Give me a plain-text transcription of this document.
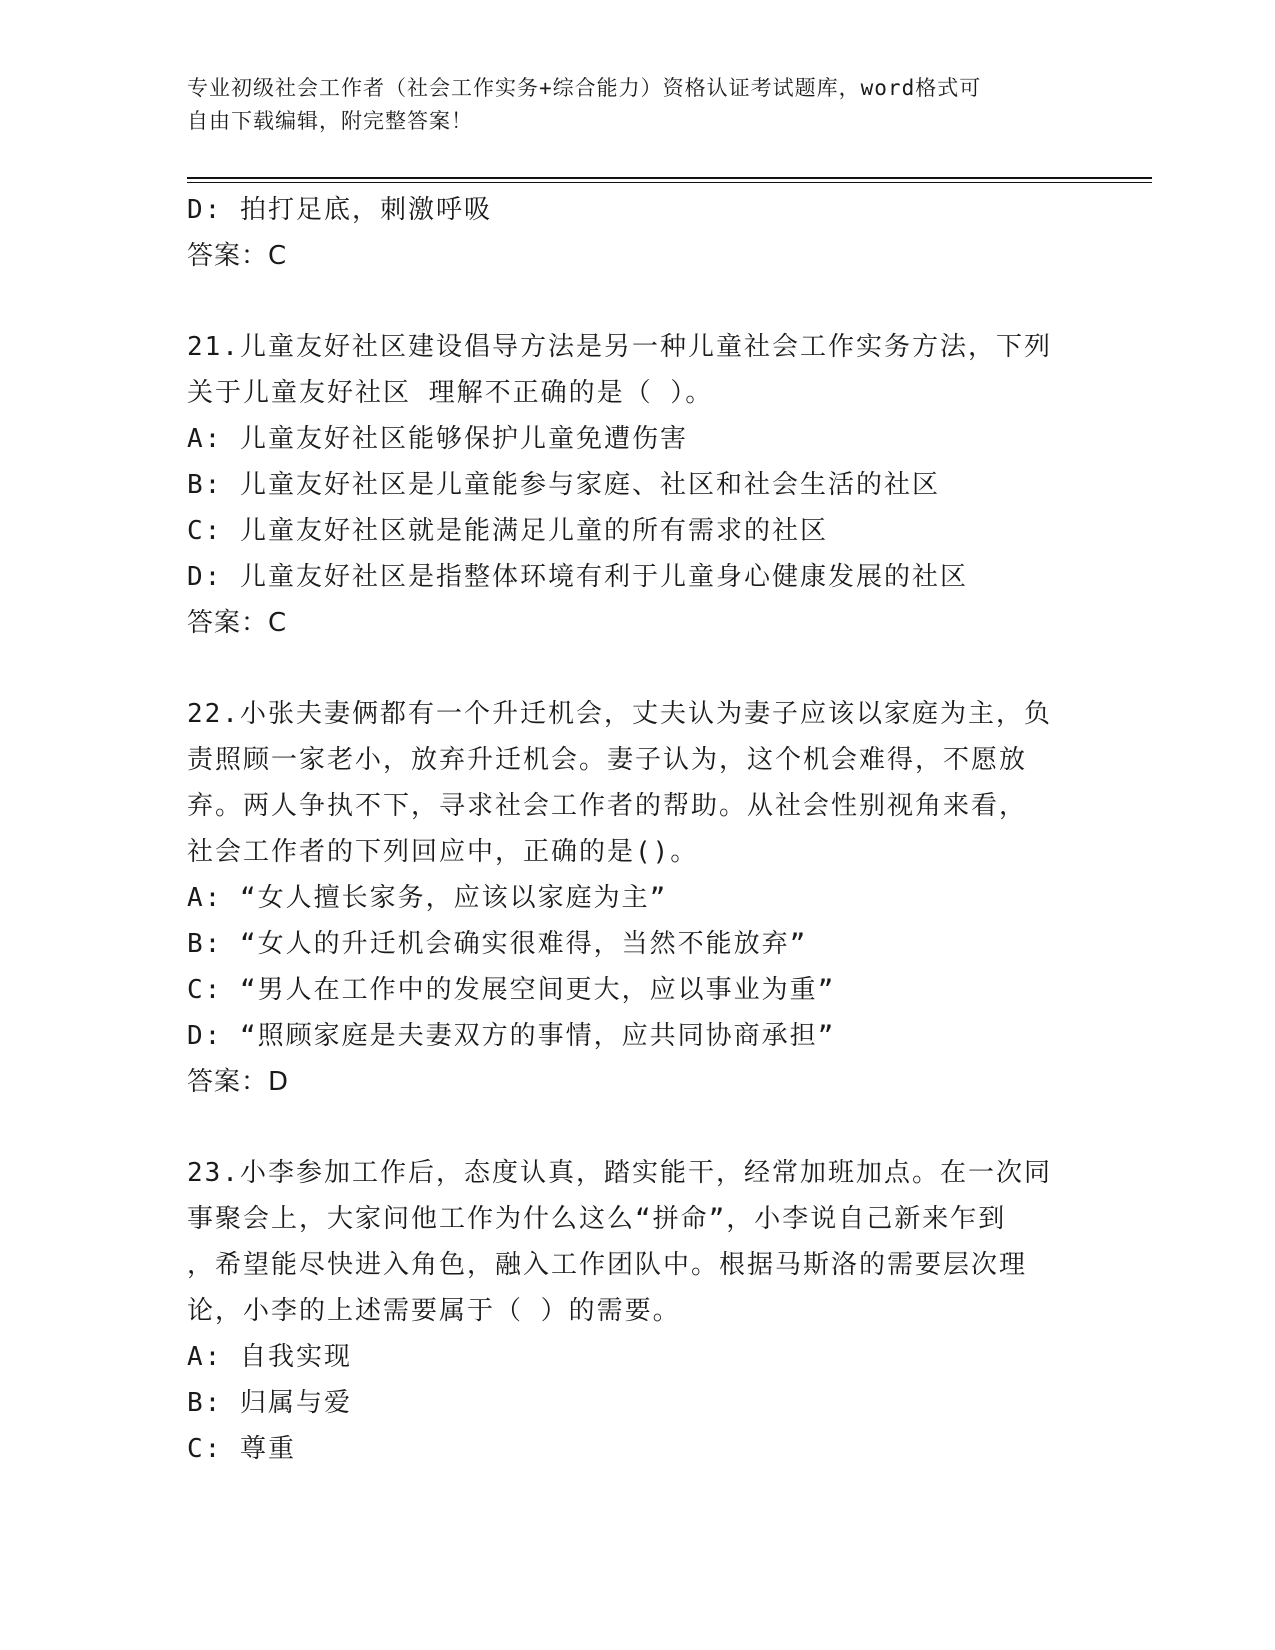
专业初级社会工作者（社会工作实务+综合能力）资格认证考试题库，word格式可
自由下载编辑，附完整答案！
D: 拍打足底，刺激呼吸
答案：C
21.儿童友好社区建设倡导方法是另一种儿童社会工作实务方法，下列
关于儿童友好社区 理解不正确的是（ ）。
A: 儿童友好社区能够保护儿童免遭伤害
B: 儿童友好社区是儿童能参与家庭、社区和社会生活的社区
C: 儿童友好社区就是能满足儿童的所有需求的社区
D: 儿童友好社区是指整体环境有利于儿童身心健康发展的社区
答案：C
22.小张夫妻俩都有一个升迁机会，丈夫认为妻子应该以家庭为主，负
责照顾一家老小，放弃升迁机会。妻子认为，这个机会难得，不愿放
弃。两人争执不下，寻求社会工作者的帮助。从社会性别视角来看，
社会工作者的下列回应中，正确的是()。
A: “女人擅长家务，应该以家庭为主”
B: “女人的升迁机会确实很难得，当然不能放弃”
C: “男人在工作中的发展空间更大，应以事业为重”
D: “照顾家庭是夫妻双方的事情，应共同协商承担”
答案：D
23.小李参加工作后，态度认真，踏实能干，经常加班加点。在一次同
事聚会上，大家问他工作为什么这么“拼命”，小李说自己新来乍到
，希望能尽快进入角色，融入工作团队中。根据马斯洛的需要层次理
论，小李的上述需要属于（ ）的需要。
A: 自我实现
B: 归属与爱
C: 尊重
